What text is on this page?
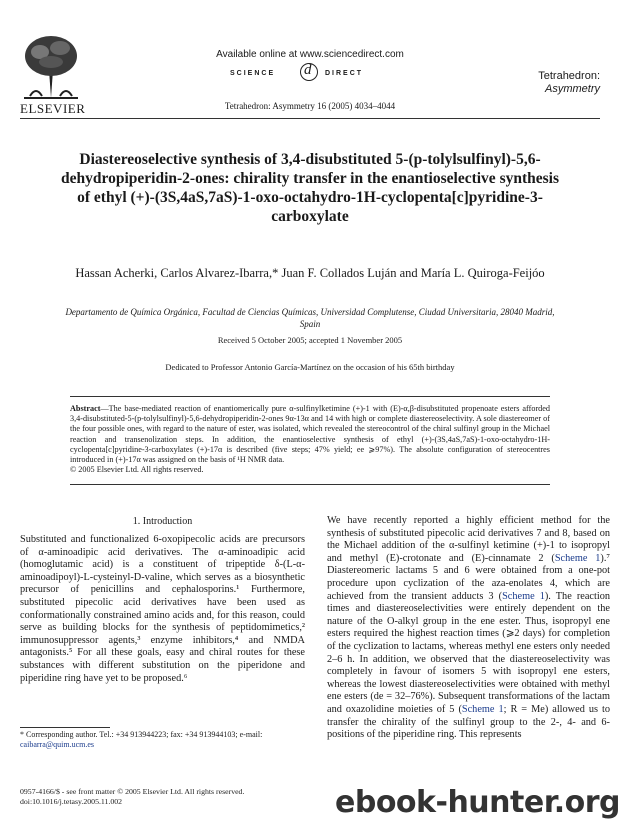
ELSEVIER
Available online at www.sciencedirect.com
SCIENCE d DIRECT
Tetrahedron: Asymmetry 16 (2005) 4034–4044
Tetrahedron:
Asymmetry
Diastereoselective synthesis of 3,4-disubstituted 5-(p-tolylsulfinyl)-5,6-dehydropiperidin-2-ones: chirality transfer in the enantioselective synthesis of ethyl (+)-(3S,4aS,7aS)-1-oxo-octahydro-1H-cyclopenta[c]pyridine-3-carboxylate
Hassan Acherki, Carlos Alvarez-Ibarra,* Juan F. Collados Luján and María L. Quiroga-Feijóo
Departamento de Química Orgánica, Facultad de Ciencias Químicas, Universidad Complutense, Ciudad Universitaria, 28040 Madrid, Spain
Received 5 October 2005; accepted 1 November 2005
Dedicated to Professor Antonio García-Martínez on the occasion of his 65th birthday

Abstract—The base-mediated reaction of enantiomerically pure α-sulfinylketimine (+)-1 with (E)-α,β-disubstituted propenoate esters afforded 3,4-disubstituted-5-(p-tolylsulfinyl)-5,6-dehydropiperidin-2-ones 9α-13α and 14 with high or complete diastereoselectivity. A sole diastereomer of the four possible ones, with regard to the nature of ester, was isolated, which revealed the stereocontrol of the chiral sulfinyl group in the Michael reaction and transenolization steps. In addition, the enantioselective synthesis of ethyl (+)-(3S,4aS,7aS)-1-oxo-octahydro-1H-cyclopenta[c]pyridine-3-carboxylates (+)-17α is described (five steps; 47% yield; ee ⩾97%). The absolute configuration of stereocentres introduced in (+)-17α was assigned on the basis of ¹H NMR data.

© 2005 Elsevier Ltd. All rights reserved.

1. Introduction
Substituted and functionalized 6-oxopipecolic acids are precursors of α-aminoadipic acid derivatives. The α-aminoadipic acid (homoglutamic acid) is a constituent of tripeptide δ-(L-α-aminoadipoyl)-L-cysteinyl-D-valine, which serves as a biosynthetic precursor of penicillins and cephalosporins.¹ Furthermore, substituted pipecolic acid derivatives have been used as conformationally constrained amino acids and, for this reason, could serve as building blocks for the synthesis of peptidomimetics,² immunosuppressor agents,³ enzyme inhibitors,⁴ and NMDA antagonists.⁵ For all these goals, easy and chiral routes for these substances with different substitution on the piperidone and piperidine ring have yet to be proposed.⁶
We have recently reported a highly efficient method for the synthesis of substituted pipecolic acid derivatives 7 and 8, based on the Michael addition of the α-sulfinyl ketimine (+)-1 to isopropyl and methyl (E)-crotonate and (E)-cinnamate 2 (Scheme 1).⁷ Diastereomeric lactams 5 and 6 were obtained from a one-pot procedure upon cyclization of the aza-enolates 4, which are achieved from the transient adducts 3 (Scheme 1). The reaction times and diastereoselectivities were entirely dependent on the nature of the O-alkyl group in the ene ester. Thus, isopropyl ene esters required the highest reaction times (⩾2 days) for completion of the cyclization to lactams, whereas methyl ene esters only needed 2–6 h. In addition, we observed that the diastereoselectivity was completely in favour of isomers 5 with isopropyl ene esters, whereas the lowest diastereoselectivities were obtained with methyl ene esters (de = 32–76%). Subsequent transformations of the lactam and oxazolidine moieties of 5 (Scheme 1; R = Me) allowed us to transfer the chirality of the sulfinyl group to the 2-, 4- and 6-positions of the piperidine ring. This represents
* Corresponding author. Tel.: +34 913944223; fax: +34 913944103; e-mail: caibarra@quim.ucm.es
0957-4166/$ - see front matter © 2005 Elsevier Ltd. All rights reserved.
doi:10.1016/j.tetasy.2005.11.002	ebook-hunter.org
